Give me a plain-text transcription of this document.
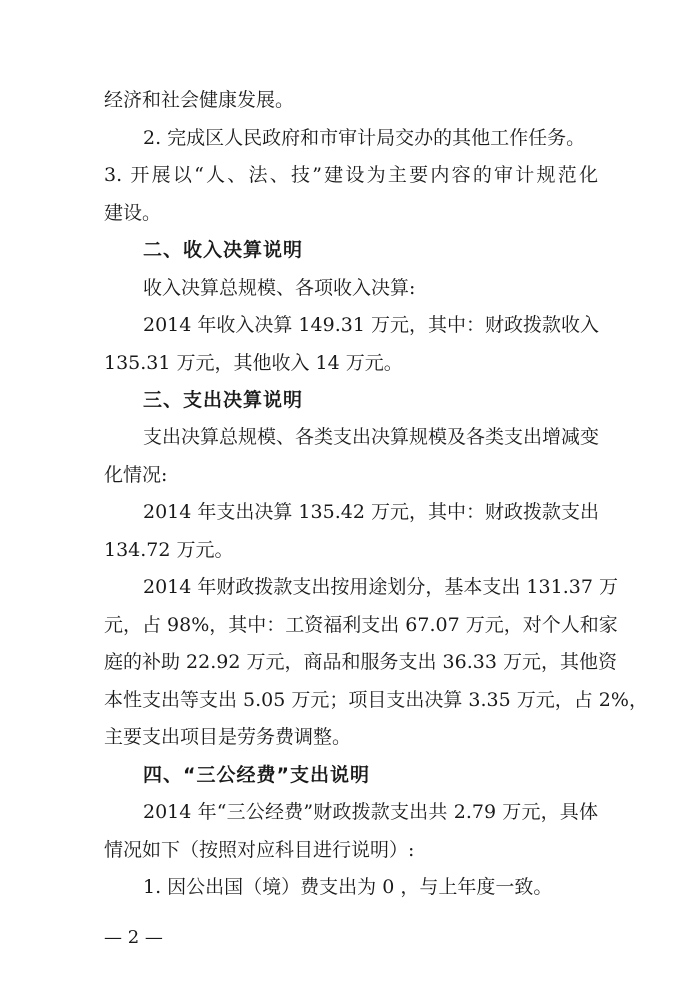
经济和社会健康发展。
2. 完成区人民政府和市审计局交办的其他工作任务。
3. 开展以“人、法、技”建设为主要内容的审计规范化
建设。
二、收入决算说明
收入决算总规模、各项收入决算:
2014 年收入决算 149.31 万元，其中：财政拨款收入
135.31 万元，其他收入 14 万元。
三、支出决算说明
支出决算总规模、各类支出决算规模及各类支出增减变
化情况:
2014 年支出决算 135.42 万元，其中：财政拨款支出
134.72 万元。
2014 年财政拨款支出按用途划分，基本支出 131.37 万
元，占 98%，其中：工资福利支出 67.07 万元，对个人和家
庭的补助 22.92 万元，商品和服务支出 36.33 万元，其他资
本性支出等支出 5.05 万元；项目支出决算 3.35 万元，占 2%，
主要支出项目是劳务费调整。
四、“三公经费”支出说明
2014 年“三公经费”财政拨款支出共 2.79 万元，具体
情况如下（按照对应科目进行说明）:
1. 因公出国（境）费支出为 0 ，与上年度一致。
— 2 —
